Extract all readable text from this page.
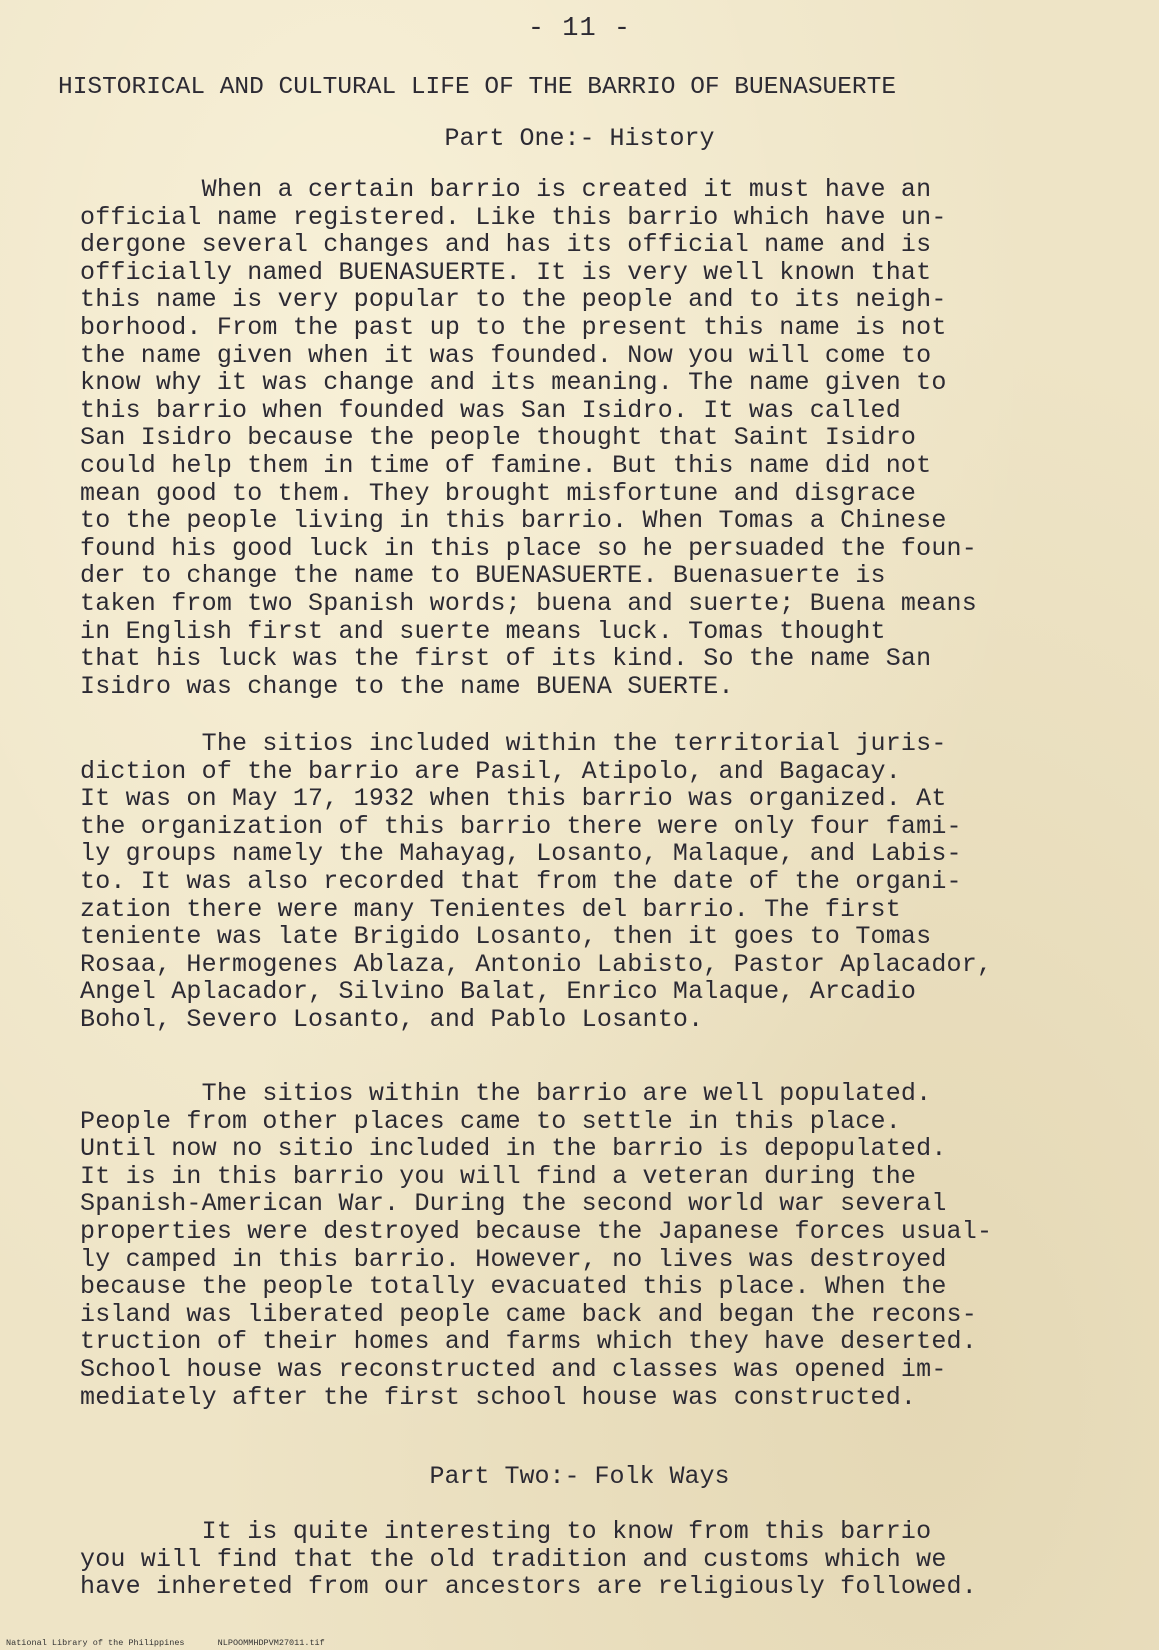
- 11 -
HISTORICAL AND CULTURAL LIFE OF THE BARRIO OF BUENASUERTE
Part One:- History
When a certain barrio is created it must have an
official name registered. Like this barrio which have un-
dergone several changes and has its official name and is
officially named BUENASUERTE. It is very well known that
this name is very popular to the people and to its neigh-
borhood. From the past up to the present this name is not
the name given when it was founded. Now you will come to
know why it was change and its meaning. The name given to
this barrio when founded was San Isidro. It was called
San Isidro because the people thought that Saint Isidro
could help them in time of famine. But this name did not
mean good to them. They brought misfortune and disgrace
to the people living in this barrio. When Tomas a Chinese
found his good luck in this place so he persuaded the foun-
der to change the name to BUENASUERTE. Buenasuerte is
taken from two Spanish words; buena and suerte; Buena means
in English first and suerte means luck. Tomas thought
that his luck was the first of its kind. So the name San
Isidro was change to the name BUENA SUERTE.
The sitios included within the territorial juris-
diction of the barrio are Pasil, Atipolo, and Bagacay.
It was on May 17, 1932 when this barrio was organized. At
the organization of this barrio there were only four fami-
ly groups namely the Mahayag, Losanto, Malaque, and Labis-
to. It was also recorded that from the date of the organi-
zation there were many Tenientes del barrio. The first
teniente was late Brigido Losanto, then it goes to Tomas
Rosaa, Hermogenes Ablaza, Antonio Labisto, Pastor Aplacador,
Angel Aplacador, Silvino Balat, Enrico Malaque, Arcadio
Bohol, Severo Losanto, and Pablo Losanto.
The sitios within the barrio are well populated.
People from other places came to settle in this place.
Until now no sitio included in the barrio is depopulated.
It is in this barrio you will find a veteran during the
Spanish-American War. During the second world war several
properties were destroyed because the Japanese forces usual-
ly camped in this barrio. However, no lives was destroyed
because the people totally evacuated this place. When the
island was liberated people came back and began the recons-
truction of their homes and farms which they have deserted.
School house was reconstructed and classes was opened im-
mediately after the first school house was constructed.
Part Two:- Folk Ways
It is quite interesting to know from this barrio
you will find that the old tradition and customs which we
have inhereted from our ancestors are religiously followed.
National Library of the Philippines	NLPOOMMHDPVM27011.tif
